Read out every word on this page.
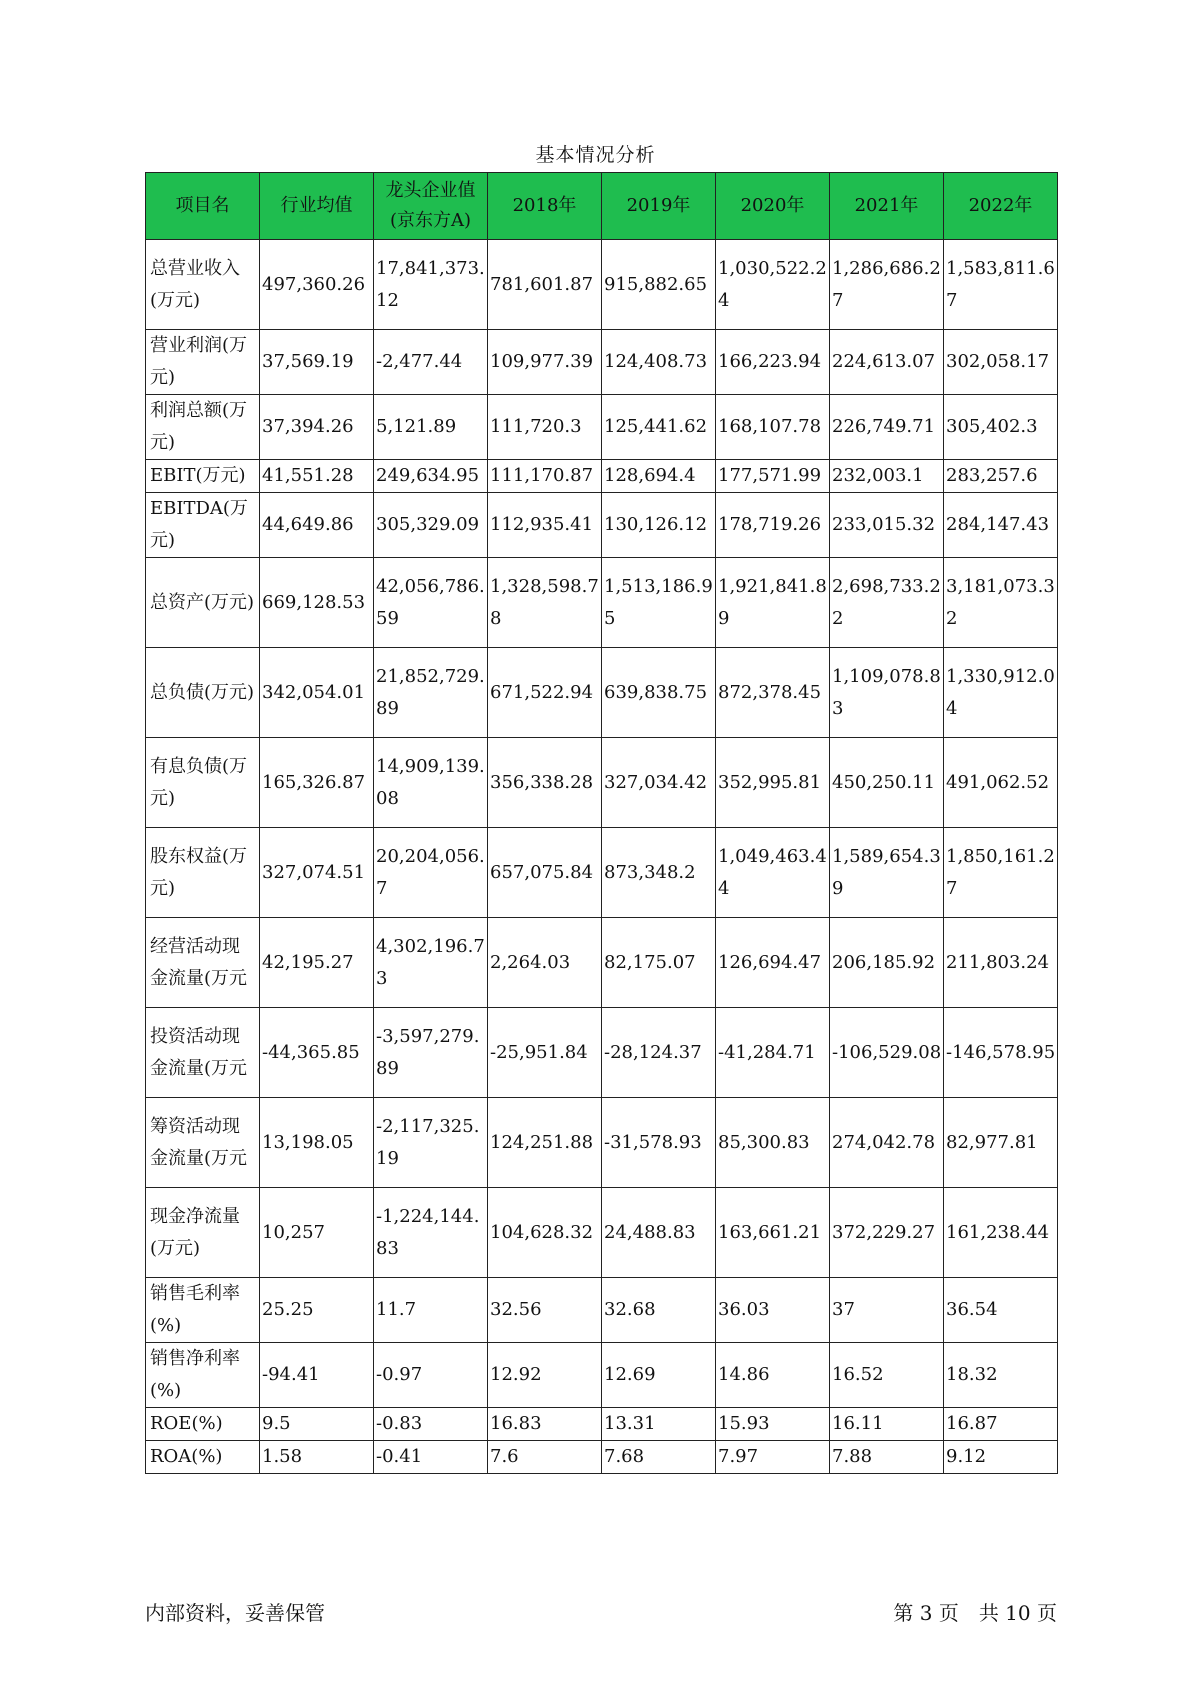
基本情况分析
项目名	行业均值	龙头企业值(京东方A)	2018年	2019年	2020年	2021年	2022年
总营业收入(万元)	497,360.26	17,841,373.12	781,601.87	915,882.65	1,030,522.24	1,286,686.27	1,583,811.67
营业利润(万元)	37,569.19	-2,477.44	109,977.39	124,408.73	166,223.94	224,613.07	302,058.17
利润总额(万元)	37,394.26	5,121.89	111,720.3	125,441.62	168,107.78	226,749.71	305,402.3
EBIT(万元)	41,551.28	249,634.95	111,170.87	128,694.4	177,571.99	232,003.1	283,257.6
EBITDA(万元)	44,649.86	305,329.09	112,935.41	130,126.12	178,719.26	233,015.32	284,147.43
总资产(万元)	669,128.53	42,056,786.59	1,328,598.78	1,513,186.95	1,921,841.89	2,698,733.22	3,181,073.32
总负债(万元)	342,054.01	21,852,729.89	671,522.94	639,838.75	872,378.45	1,109,078.83	1,330,912.04
有息负债(万元)	165,326.87	14,909,139.08	356,338.28	327,034.42	352,995.81	450,250.11	491,062.52
股东权益(万元)	327,074.51	20,204,056.7	657,075.84	873,348.2	1,049,463.44	1,589,654.39	1,850,161.27
经营活动现金流量(万元	42,195.27	4,302,196.73	2,264.03	82,175.07	126,694.47	206,185.92	211,803.24
投资活动现金流量(万元	-44,365.85	-3,597,279.89	-25,951.84	-28,124.37	-41,284.71	-106,529.08	-146,578.95
筹资活动现金流量(万元	13,198.05	-2,117,325.19	124,251.88	-31,578.93	85,300.83	274,042.78	82,977.81
现金净流量(万元)	10,257	-1,224,144.83	104,628.32	24,488.83	163,661.21	372,229.27	161,238.44
销售毛利率(%)	25.25	11.7	32.56	32.68	36.03	37	36.54
销售净利率(%)	-94.41	-0.97	12.92	12.69	14.86	16.52	18.32
ROE(%)	9.5	-0.83	16.83	13.31	15.93	16.11	16.87
ROA(%)	1.58	-0.41	7.6	7.68	7.97	7.88	9.12
内部资料，妥善保管	第 3 页　共 10 页
